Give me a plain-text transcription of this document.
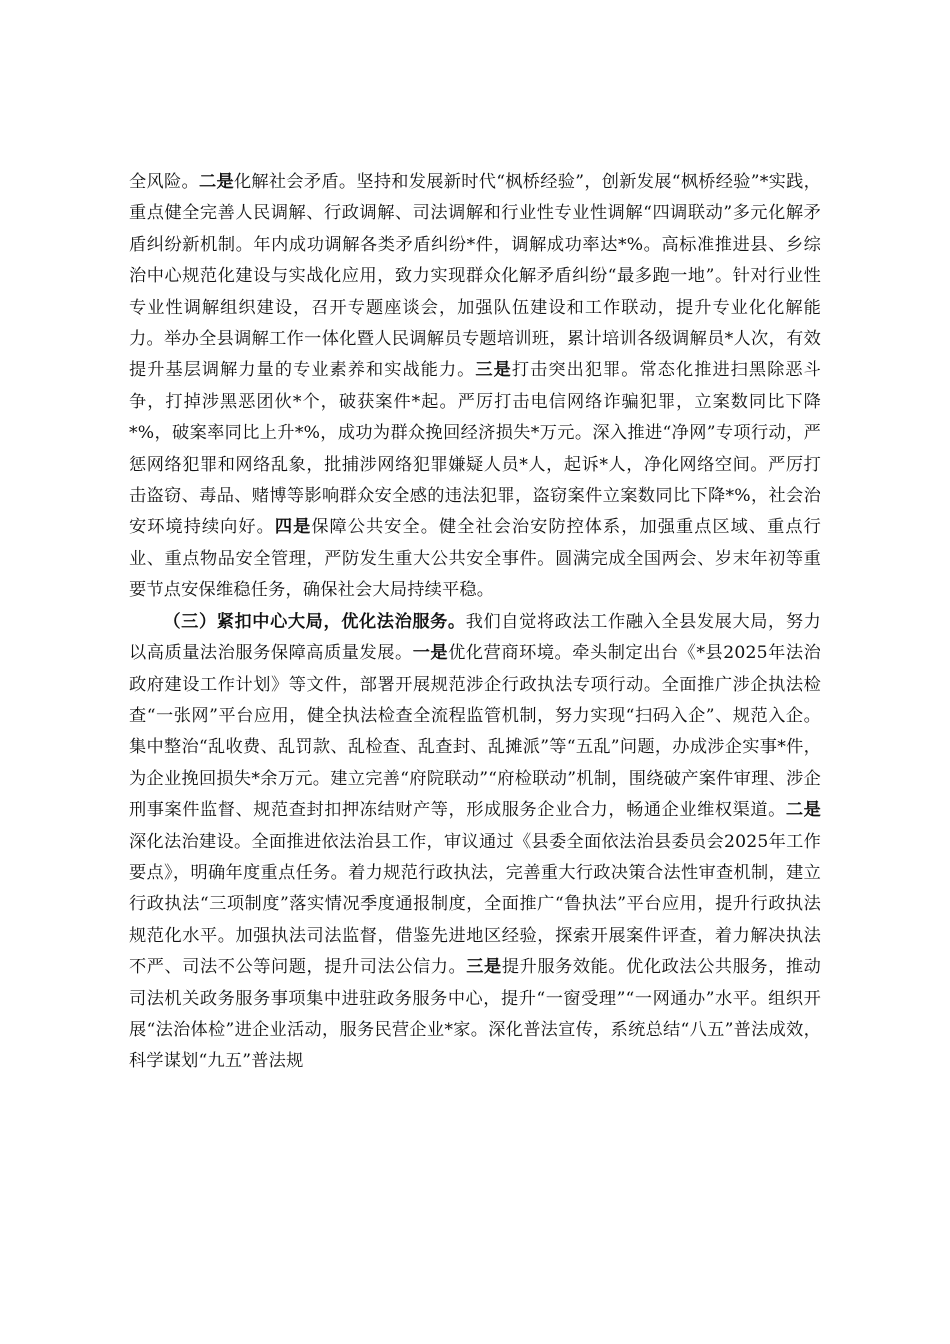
全风险。二是化解社会矛盾。坚持和发展新时代“枫桥经验”，创新发展“枫桥经验”*实践，重点健全完善人民调解、行政调解、司法调解和行业性专业性调解“四调联动”多元化解矛盾纠纷新机制。年内成功调解各类矛盾纠纷*件，调解成功率达*%。高标准推进县、乡综治中心规范化建设与实战化应用，致力实现群众化解矛盾纠纷“最多跑一地”。针对行业性专业性调解组织建设，召开专题座谈会，加强队伍建设和工作联动，提升专业化化解能力。举办全县调解工作一体化暨人民调解员专题培训班，累计培训各级调解员*人次，有效提升基层调解力量的专业素养和实战能力。三是打击突出犯罪。常态化推进扫黑除恶斗争，打掉涉黑恶团伙*个，破获案件*起。严厉打击电信网络诈骗犯罪，立案数同比下降*%，破案率同比上升*%，成功为群众挽回经济损失*万元。深入推进“净网”专项行动，严惩网络犯罪和网络乱象，批捕涉网络犯罪嫌疑人员*人，起诉*人，净化网络空间。严厉打击盗窃、毒品、赌博等影响群众安全感的违法犯罪，盗窃案件立案数同比下降*%，社会治安环境持续向好。四是保障公共安全。健全社会治安防控体系，加强重点区域、重点行业、重点物品安全管理，严防发生重大公共安全事件。圆满完成全国两会、岁末年初等重要节点安保维稳任务，确保社会大局持续平稳。

（三）紧扣中心大局，优化法治服务。我们自觉将政法工作融入全县发展大局，努力以高质量法治服务保障高质量发展。一是优化营商环境。牵头制定出台《*县2025年法治政府建设工作计划》等文件，部署开展规范涉企行政执法专项行动。全面推广涉企执法检查“一张网”平台应用，健全执法检查全流程监管机制，努力实现“扫码入企”、规范入企。集中整治“乱收费、乱罚款、乱检查、乱查封、乱摊派”等“五乱”问题，办成涉企实事*件，为企业挽回损失*余万元。建立完善“府院联动”“府检联动”机制，围绕破产案件审理、涉企刑事案件监督、规范查封扣押冻结财产等，形成服务企业合力，畅通企业维权渠道。二是深化法治建设。全面推进依法治县工作，审议通过《县委全面依法治县委员会2025年工作要点》，明确年度重点任务。着力规范行政执法，完善重大行政决策合法性审查机制，建立行政执法“三项制度”落实情况季度通报制度，全面推广“鲁执法”平台应用，提升行政执法规范化水平。加强执法司法监督，借鉴先进地区经验，探索开展案件评查，着力解决执法不严、司法不公等问题，提升司法公信力。三是提升服务效能。优化政法公共服务，推动司法机关政务服务事项集中进驻政务服务中心，提升“一窗受理”“一网通办”水平。组织开展“法治体检”进企业活动，服务民营企业*家。深化普法宣传，系统总结“八五”普法成效，科学谋划“九五”普法规
